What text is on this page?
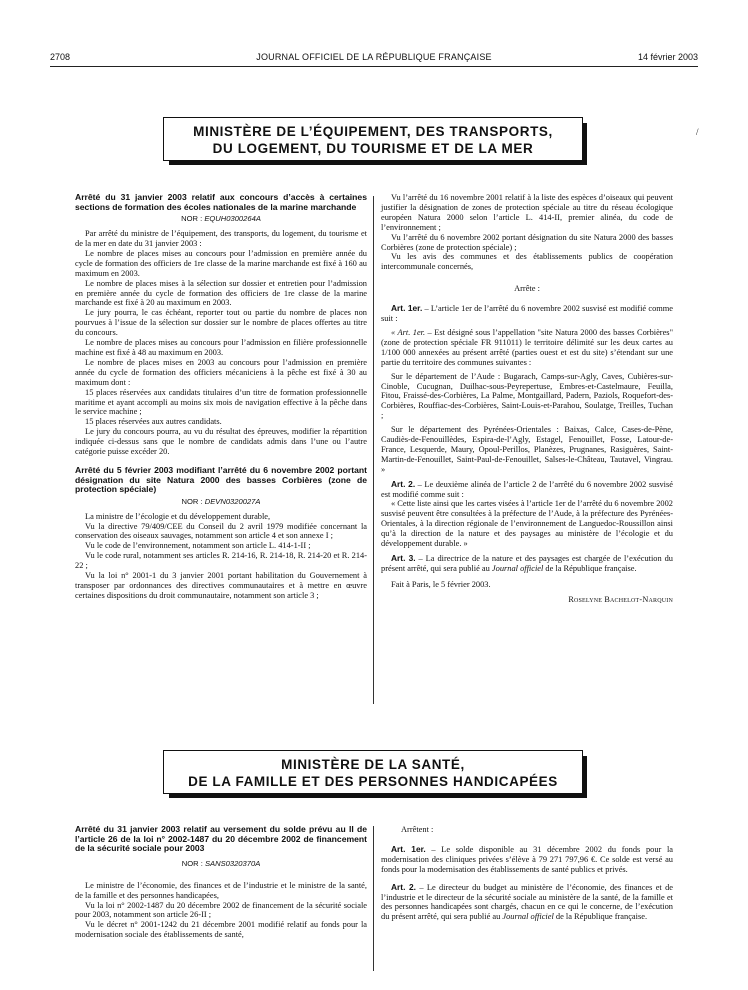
2708	JOURNAL OFFICIEL DE LA RÉPUBLIQUE FRANÇAISE	14 février 2003
MINISTÈRE DE L’ÉQUIPEMENT, DES TRANSPORTS,
DU LOGEMENT, DU TOURISME ET DE LA MER
/

Arrêté du 31 janvier 2003 relatif aux concours d’accès à certaines sections de formation des écoles nationales de la marine marchande

NOR : EQUH0300264A

Par arrêté du ministre de l’équipement, des transports, du logement, du tourisme et de la mer en date du 31 janvier 2003 :

Le nombre de places mises au concours pour l’admission en première année du cycle de formation des officiers de 1re classe de la marine marchande est fixé à 160 au maximum en 2003.

Le nombre de places mises à la sélection sur dossier et entretien pour l’admission en première année du cycle de formation des officiers de 1re classe de la marine marchande est fixé à 20 au maximum en 2003.

Le jury pourra, le cas échéant, reporter tout ou partie du nombre de places non pourvues à l’issue de la sélection sur dossier sur le nombre de places offertes au titre du concours.

Le nombre de places mises au concours pour l’admission en filière professionnelle machine est fixé à 48 au maximum en 2003.

Le nombre de places mises en 2003 au concours pour l’admission en première année du cycle de formation des officiers mécaniciens à la pêche est fixé à 30 au maximum dont :

15 places réservées aux candidats titulaires d’un titre de formation professionnelle maritime et ayant accompli au moins six mois de navigation effective à la pêche dans le service machine ;

15 places réservées aux autres candidats.

Le jury du concours pourra, au vu du résultat des épreuves, modifier la répartition indiquée ci-dessus sans que le nombre de candidats admis dans l’une ou l’autre catégorie puisse excéder 20.

Arrêté du 5 février 2003 modifiant l’arrêté du 6 novembre 2002 portant désignation du site Natura 2000 des basses Corbières (zone de protection spéciale)

NOR : DEVN0320027A

La ministre de l’écologie et du développement durable,

Vu la directive 79/409/CEE du Conseil du 2 avril 1979 modifiée concernant la conservation des oiseaux sauvages, notamment son article 4 et son annexe I ;

Vu le code de l’environnement, notamment son article L. 414-1-II ;

Vu le code rural, notamment ses articles R. 214-16, R. 214-18, R. 214-20 et R. 214-22 ;

Vu la loi n° 2001-1 du 3 janvier 2001 portant habilitation du Gouvernement à transposer par ordonnances des directives communautaires et à mettre en œuvre certaines dispositions du droit communautaire, notamment son article 3 ;

Vu l’arrêté du 16 novembre 2001 relatif à la liste des espèces d’oiseaux qui peuvent justifier la désignation de zones de protection spéciale au titre du réseau écologique européen Natura 2000 selon l’article L. 414-II, premier alinéa, du code de l’environnement ;

Vu l’arrêté du 6 novembre 2002 portant désignation du site Natura 2000 des basses Corbières (zone de protection spéciale) ;

Vu les avis des communes et des établissements publics de coopération intercommunale concernés,

Arrête :

Art. 1er. – L’article 1er de l’arrêté du 6 novembre 2002 susvisé est modifié comme suit :

« Art. 1er. – Est désigné sous l’appellation "site Natura 2000 des basses Corbières" (zone de protection spéciale FR 911011) le territoire délimité sur les deux cartes au 1/100 000 annexées au présent arrêté (parties ouest et est du site) s’étendant sur une partie du territoire des communes suivantes :

Sur le département de l’Aude : Bugarach, Camps-sur-Agly, Caves, Cubières-sur-Cinoble, Cucugnan, Duilhac-sous-Peyrepertuse, Embres-et-Castelmaure, Feuilla, Fitou, Fraissé-des-Corbières, La Palme, Montgaillard, Padern, Paziols, Roquefort-des-Corbières, Rouffiac-des-Corbières, Saint-Louis-et-Parahou, Soulatge, Treilles, Tuchan ;

Sur le département des Pyrénées-Orientales : Baixas, Calce, Cases-de-Pène, Caudiès-de-Fenouillèdes, Espira-de-l’Agly, Estagel, Fenouillet, Fosse, Latour-de-France, Lesquerde, Maury, Opoul-Perillos, Planèzes, Prugnanes, Rasiguères, Saint-Martin-de-Fenouillet, Saint-Paul-de-Fenouillet, Salses-le-Château, Tautavel, Vingrau. »

Art. 2. – Le deuxième alinéa de l’article 2 de l’arrêté du 6 novembre 2002 susvisé est modifié comme suit :

« Cette liste ainsi que les cartes visées à l’article 1er de l’arrêté du 6 novembre 2002 susvisé peuvent être consultées à la préfecture de l’Aude, à la préfecture des Pyrénées-Orientales, à la direction régionale de l’environnement de Languedoc-Roussillon ainsi qu’à la direction de la nature et des paysages au ministère de l’écologie et du développement durable. »

Art. 3. – La directrice de la nature et des paysages est chargée de l’exécution du présent arrêté, qui sera publié au Journal officiel de la République française.

Fait à Paris, le 5 février 2003.

Roselyne Bachelot-Narquin

MINISTÈRE DE LA SANTÉ,
DE LA FAMILLE ET DES PERSONNES HANDICAPÉES

Arrêté du 31 janvier 2003 relatif au versement du solde prévu au II de l’article 26 de la loi n° 2002-1487 du 20 décembre 2002 de financement de la sécurité sociale pour 2003

NOR : SANS0320370A

Le ministre de l’économie, des finances et de l’industrie et le ministre de la santé, de la famille et des personnes handicapées,

Vu la loi n° 2002-1487 du 20 décembre 2002 de financement de la sécurité sociale pour 2003, notamment son article 26-II ;

Vu le décret n° 2001-1242 du 21 décembre 2001 modifié relatif au fonds pour la modernisation sociale des établissements de santé,

Arrêtent :

Art. 1er. – Le solde disponible au 31 décembre 2002 du fonds pour la modernisation des cliniques privées s’élève à 79 271 797,96 €. Ce solde est versé au fonds pour la modernisation des établissements de santé publics et privés.

Art. 2. – Le directeur du budget au ministère de l’économie, des finances et de l’industrie et le directeur de la sécurité sociale au ministère de la santé, de la famille et des personnes handicapées sont chargés, chacun en ce qui le concerne, de l’exécution du présent arrêté, qui sera publié au Journal officiel de la République française.
